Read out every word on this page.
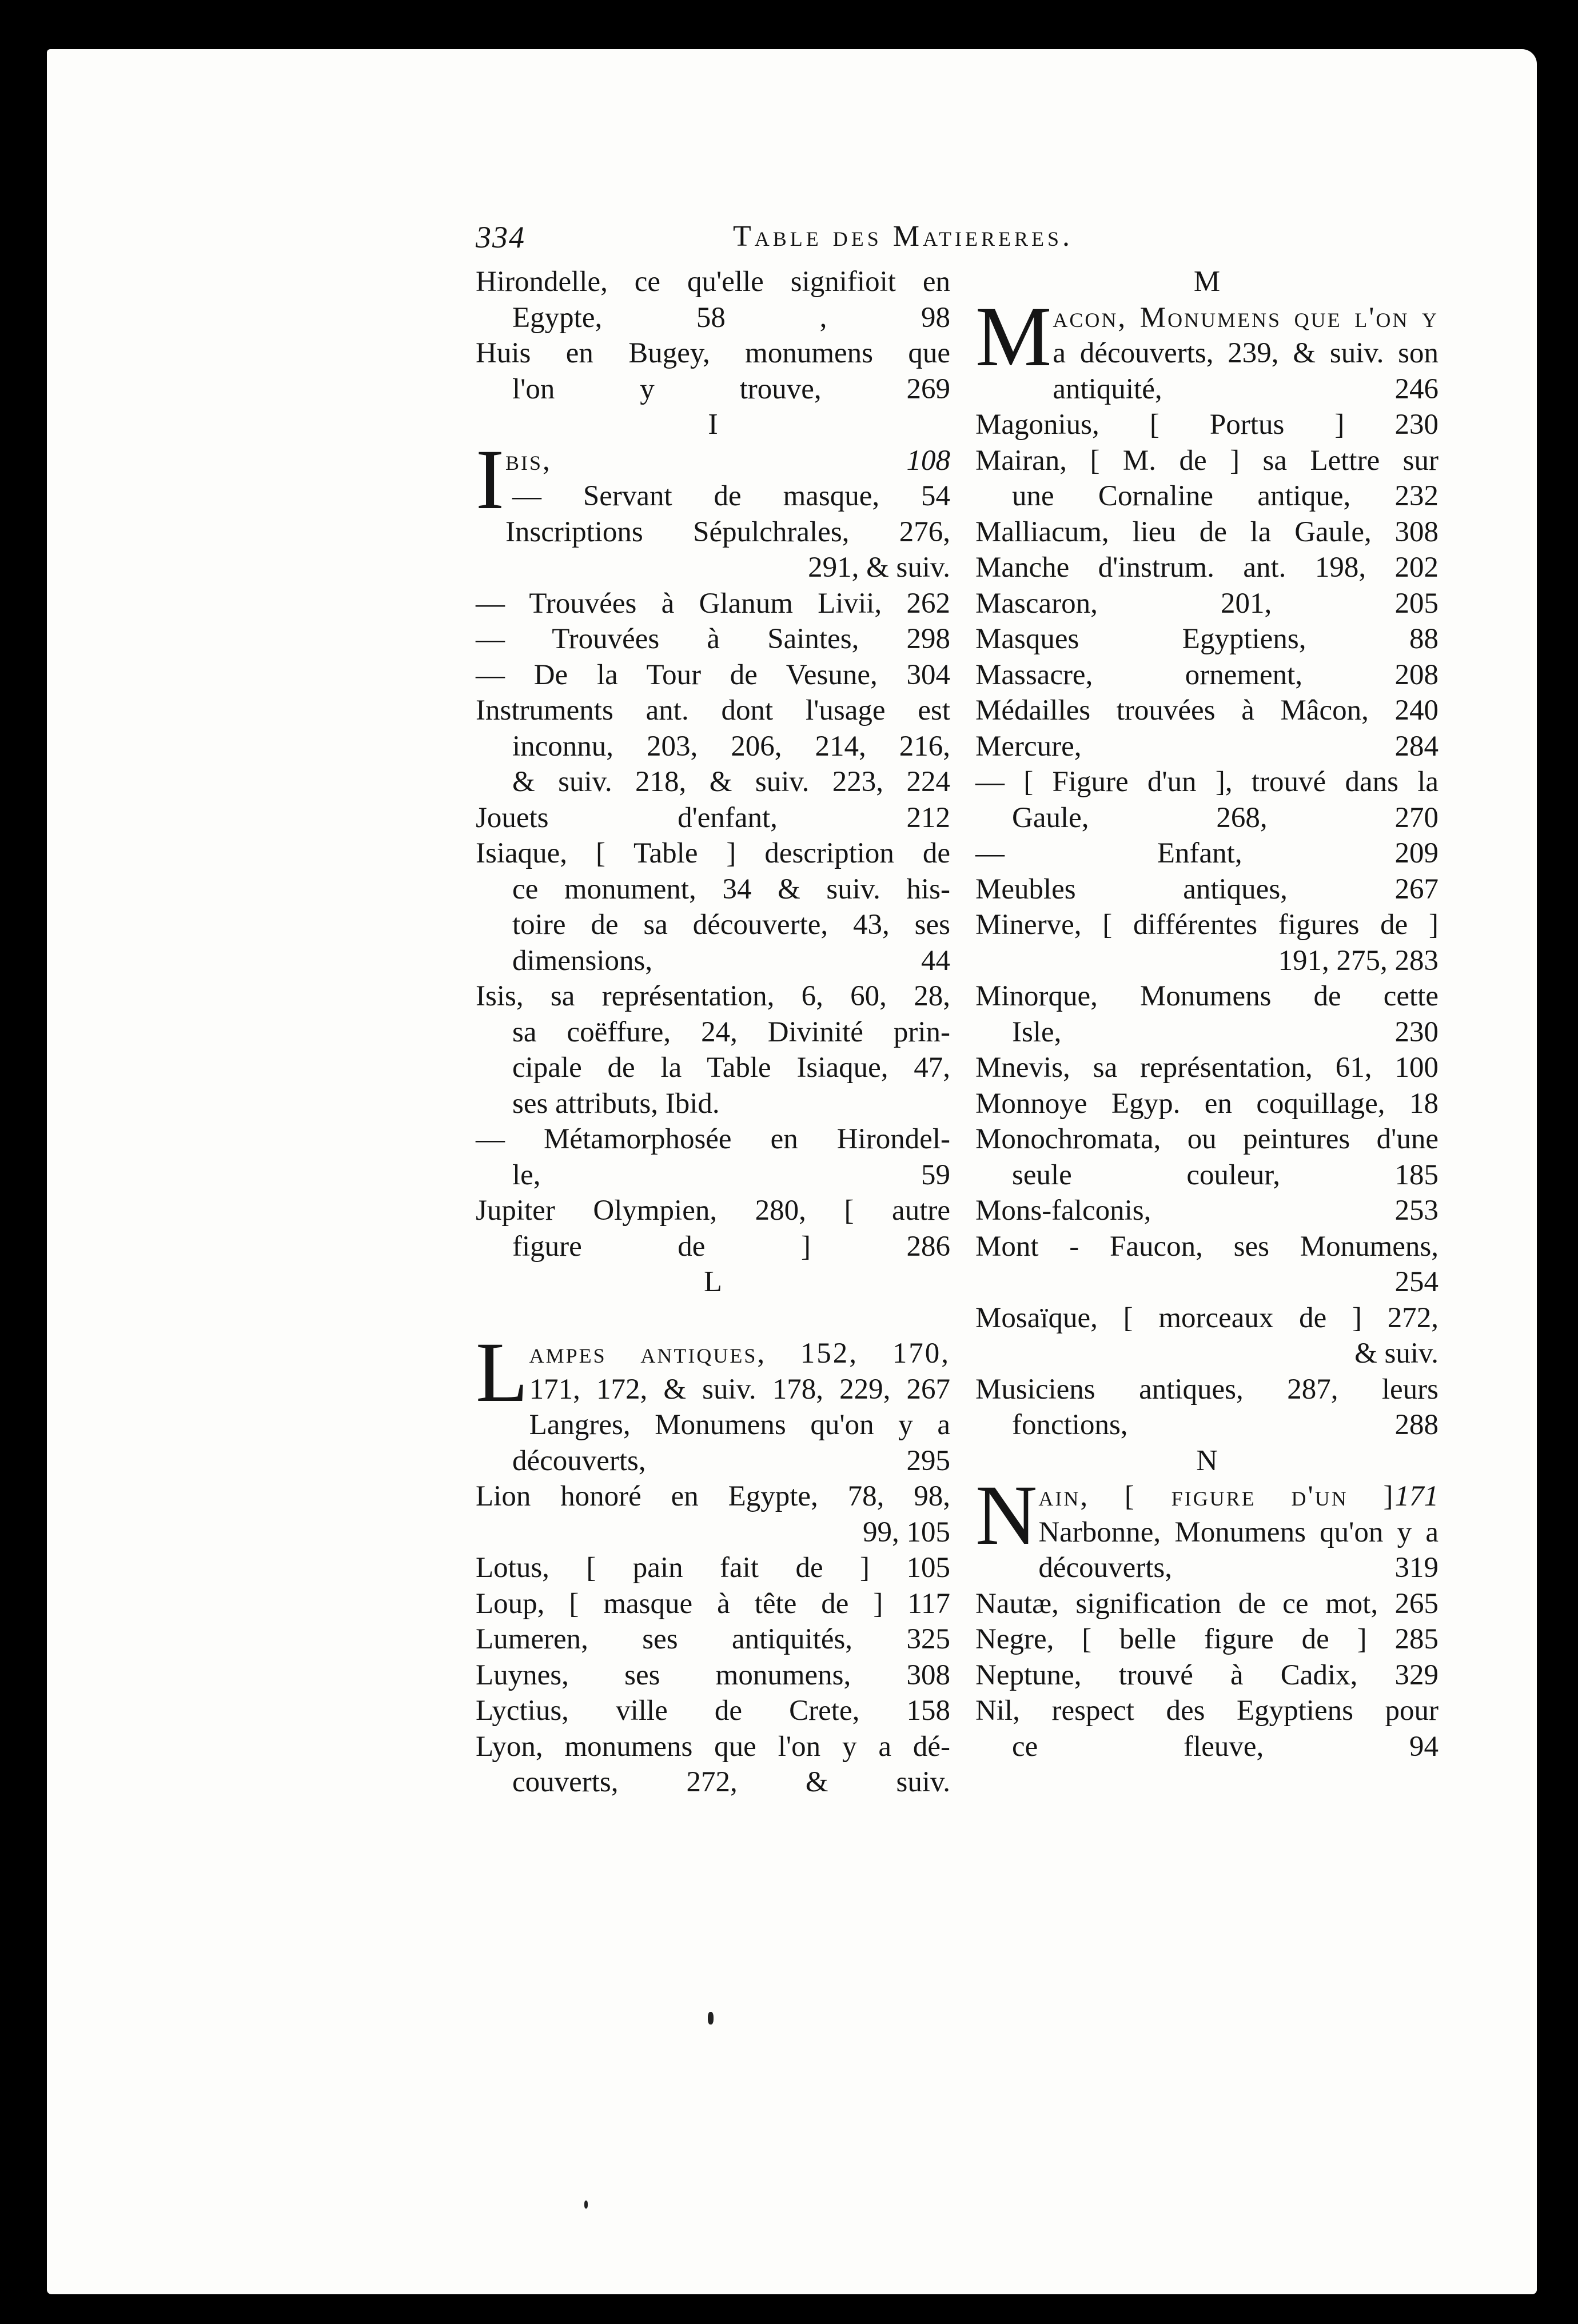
334	Table des Matiereres.
Hirondelle, ce qu'elle signifioit en
Egypte, 58 , 98
Huis en Bugey, monumens que
l'on y trouve, 269
I
Ibis,	108
— Servant de masque, 54
Inscriptions Sépulchrales, 276,
291, & suiv.
— Trouvées à Glanum Livii, 262
— Trouvées à Saintes, 298
— De la Tour de Vesune, 304
Instruments ant. dont l'usage est
inconnu, 203, 206, 214, 216,
& suiv. 218, & suiv. 223, 224
Jouets d'enfant, 212
Isiaque, [ Table ] description de
ce monument, 34 & suiv. his-
toire de sa découverte, 43, ses
dimensions, 44
Isis, sa représentation, 6, 60, 28,
sa coëffure, 24, Divinité prin-
cipale de la Table Isiaque, 47,
ses attributs, Ibid.
— Métamorphosée en Hirondel-
le, 59
Jupiter Olympien, 280, [ autre
figure de ] 286
L
Lampes antiques, 152, 170,
171, 172, & suiv. 178, 229, 267
Langres, Monumens qu'on y a
découverts, 295
Lion honoré en Egypte, 78, 98,
99, 105
Lotus, [ pain fait de ] 105
Loup, [ masque à tête de ] 117
Lumeren, ses antiquités, 325
Luynes, ses monumens, 308
Lyctius, ville de Crete, 158
Lyon, monumens que l'on y a dé-
couverts, 272, & suiv.
M
Macon, Monumens que l'on y
a découverts, 239, & suiv. son
antiquité, 246
Magonius, [ Portus ] 230
Mairan, [ M. de ] sa Lettre sur
une Cornaline antique, 232
Malliacum, lieu de la Gaule, 308
Manche d'instrum. ant. 198, 202
Mascaron, 201, 205
Masques Egyptiens, 88
Massacre, ornement, 208
Médailles trouvées à Mâcon, 240
Mercure, 284
— [ Figure d'un ], trouvé dans la
Gaule, 268, 270
— Enfant, 209
Meubles antiques, 267
Minerve, [ différentes figures de ]
191, 275, 283
Minorque, Monumens de cette
Isle, 230
Mnevis, sa représentation, 61, 100
Monnoye Egyp. en coquillage, 18
Monochromata, ou peintures d'une
seule couleur, 185
Mons-falconis, 253
Mont - Faucon, ses Monumens,
254
Mosaïque, [ morceaux de ] 272,
& suiv.
Musiciens antiques, 287, leurs
fonctions, 288
N
Nain, [ figure d'un ] 171
Narbonne, Monumens qu'on y a
découverts, 319
Nautæ, signification de ce mot, 265
Negre, [ belle figure de ] 285
Neptune, trouvé à Cadix, 329
Nil, respect des Egyptiens pour
ce fleuve, 94
